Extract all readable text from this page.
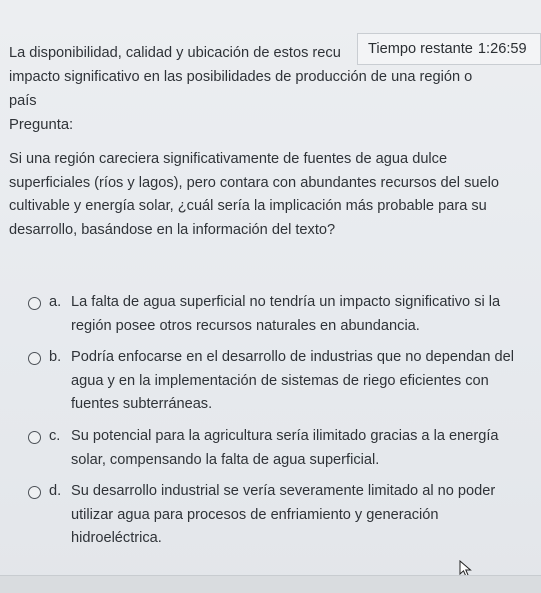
La disponibilidad, calidad y ubicación de estos recu

impacto significativo en las posibilidades de producción de una región o

país

Tiempo restante 1:26:59
Pregunta:
Si una región careciera significativamente de fuentes de agua dulce superficiales (ríos y lagos), pero contara con abundantes recursos del suelo cultivable y energía solar, ¿cuál sería la implicación más probable para su desarrollo, basándose en la información del texto?
a. La falta de agua superficial no tendría un impacto significativo si la región posee otros recursos naturales en abundancia.
b. Podría enfocarse en el desarrollo de industrias que no dependan del agua y en la implementación de sistemas de riego eficientes con fuentes subterráneas.
c. Su potencial para la agricultura sería ilimitado gracias a la energía solar, compensando la falta de agua superficial.
d. Su desarrollo industrial se vería severamente limitado al no poder utilizar agua para procesos de enfriamiento y generación hidroeléctrica.
